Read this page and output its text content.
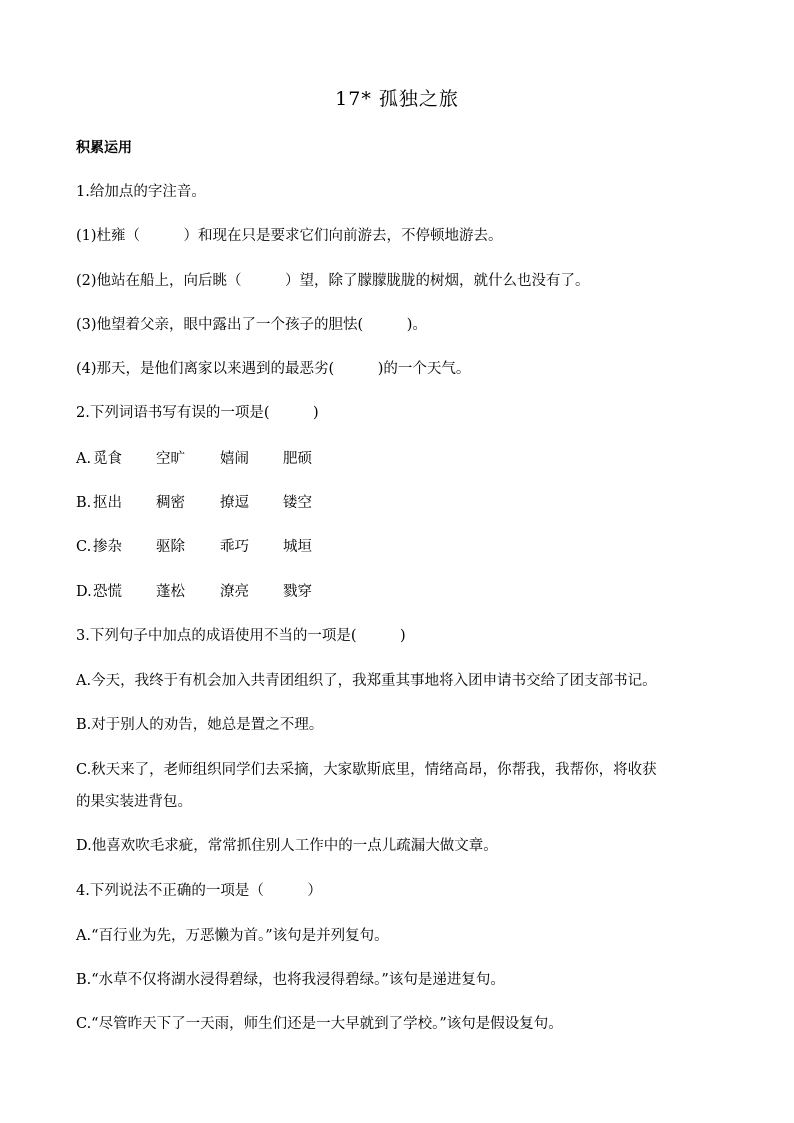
17* 孤独之旅
积累运用
1.给加点的字注音。
(1)杜雍（　　　）和现在只是要求它们向前游去，不停顿地游去。
(2)他站在船上，向后眺（　　　）望，除了朦朦胧胧的树烟，就什么也没有了。
(3)他望着父亲，眼中露出了一个孩子的胆怯(　　　)。
(4)那天，是他们离家以来遇到的最恶劣(　　　)的一个天气。
2.下列词语书写有误的一项是(　　　)
A. 觅食 空旷 嬉闹 肥硕
B. 抠出 稠密 撩逗 镂空
C. 掺杂 驱除 乖巧 城垣
D. 恐慌 蓬松 潦亮 戮穿
3.下列句子中加点的成语使用不当的一项是(　　　)
A.今天，我终于有机会加入共青团组织了，我郑重其事地将入团申请书交给了团支部书记。
B.对于别人的劝告，她总是置之不理。
C.秋天来了，老师组织同学们去采摘，大家歇斯底里，情绪高昂，你帮我，我帮你，将收获
的果实装进背包。
D.他喜欢吹毛求疵，常常抓住别人工作中的一点儿疏漏大做文章。
4.下列说法不正确的一项是（　　　）
A.“百行业为先，万恶懒为首。”该句是并列复句。
B.“水草不仅将湖水浸得碧绿，也将我浸得碧绿。”该句是递进复句。
C.“尽管昨天下了一天雨，师生们还是一大早就到了学校。”该句是假设复句。
